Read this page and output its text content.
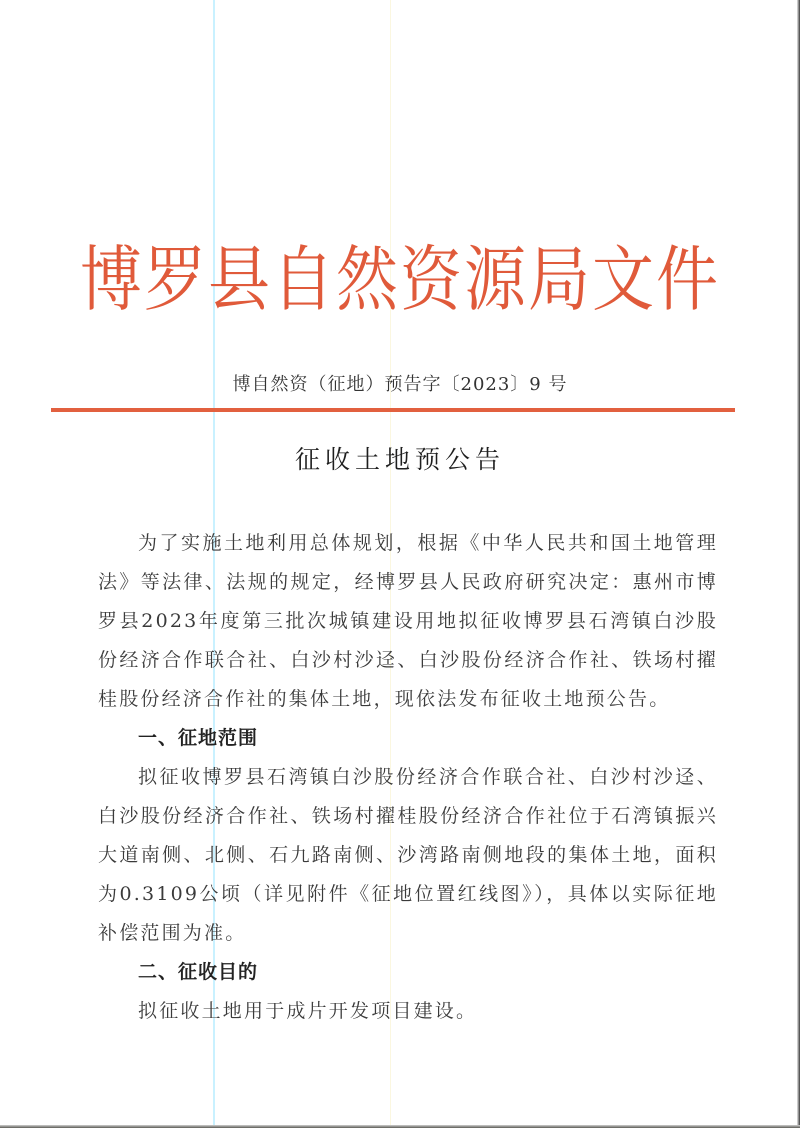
博罗县自然资源局文件
博自然资（征地）预告字〔2023〕9 号
征收土地预公告

为了实施土地利用总体规划，根据《中华人民共和国土地管理法》等法律、法规的规定，经博罗县人民政府研究决定：惠州市博罗县2023年度第三批次城镇建设用地拟征收博罗县石湾镇白沙股份经济合作联合社、白沙村沙迳、白沙股份经济合作社、铁场村擢桂股份经济合作社的集体土地，现依法发布征收土地预公告。

一、征地范围

拟征收博罗县石湾镇白沙股份经济合作联合社、白沙村沙迳、白沙股份经济合作社、铁场村擢桂股份经济合作社位于石湾镇振兴大道南侧、北侧、石九路南侧、沙湾路南侧地段的集体土地，面积为0.3109公顷（详见附件《征地位置红线图》），具体以实际征地补偿范围为准。

二、征收目的

拟征收土地用于成片开发项目建设。
